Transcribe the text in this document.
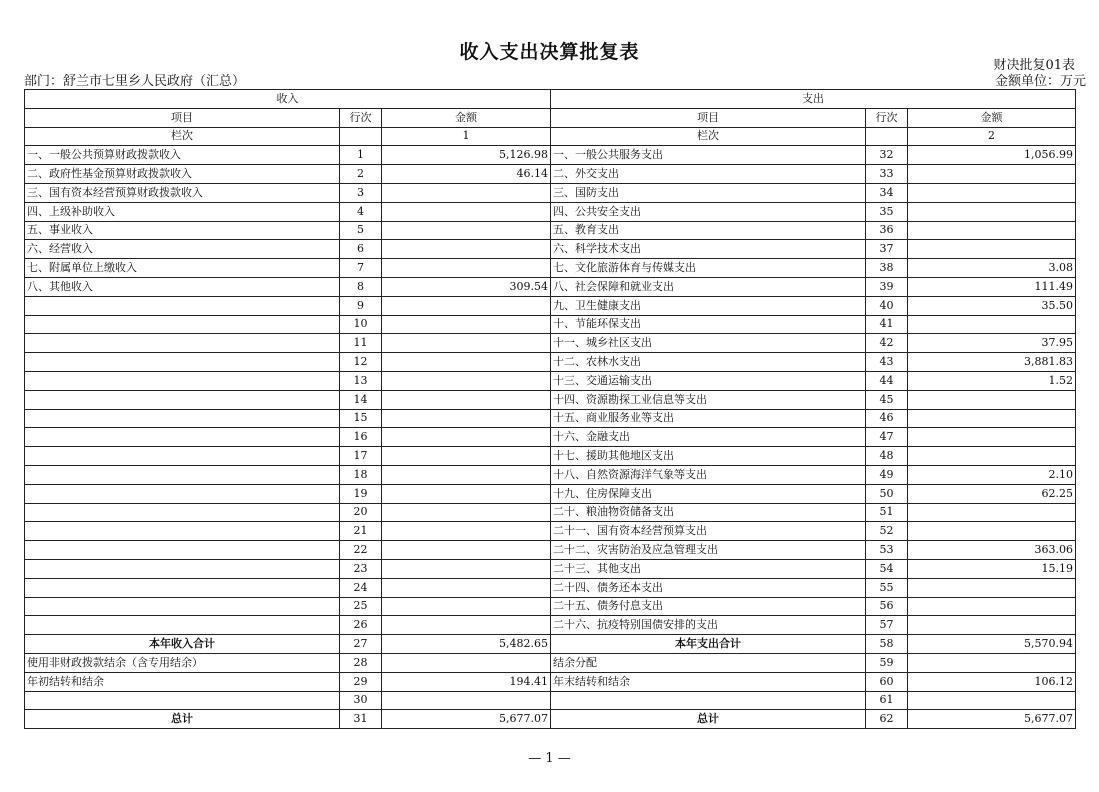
收入支出决算批复表
财决批复01表
部门：舒兰市七里乡人民政府（汇总）	金额单位：万元
收入			支出		
项目	行次	金额	项目	行次	金额
栏次		1	栏次		2
一、一般公共预算财政拨款收入	1	5,126.98	一、一般公共服务支出	32	1,056.99
二、政府性基金预算财政拨款收入	2	46.14	二、外交支出	33	
三、国有资本经营预算财政拨款收入	3		三、国防支出	34	
四、上级补助收入	4		四、公共安全支出	35	
五、事业收入	5		五、教育支出	36	
六、经营收入	6		六、科学技术支出	37	
七、附属单位上缴收入	7		七、文化旅游体育与传媒支出	38	3.08
八、其他收入	8	309.54	八、社会保障和就业支出	39	111.49
	9		九、卫生健康支出	40	35.50
	10		十、节能环保支出	41	
	11		十一、城乡社区支出	42	37.95
	12		十二、农林水支出	43	3,881.83
	13		十三、交通运输支出	44	1.52
	14		十四、资源勘探工业信息等支出	45	
	15		十五、商业服务业等支出	46	
	16		十六、金融支出	47	
	17		十七、援助其他地区支出	48	
	18		十八、自然资源海洋气象等支出	49	2.10
	19		十九、住房保障支出	50	62.25
	20		二十、粮油物资储备支出	51	
	21		二十一、国有资本经营预算支出	52	
	22		二十二、灾害防治及应急管理支出	53	363.06
	23		二十三、其他支出	54	15.19
	24		二十四、债务还本支出	55	
	25		二十五、债务付息支出	56	
	26		二十六、抗疫特别国债安排的支出	57	
本年收入合计	27	5,482.65	本年支出合计	58	5,570.94
使用非财政拨款结余（含专用结余）	28		结余分配	59	
年初结转和结余	29	194.41	年末结转和结余	60	106.12
	30			61	
总计	31	5,677.07	总计	62	5,677.07
— 1 —
